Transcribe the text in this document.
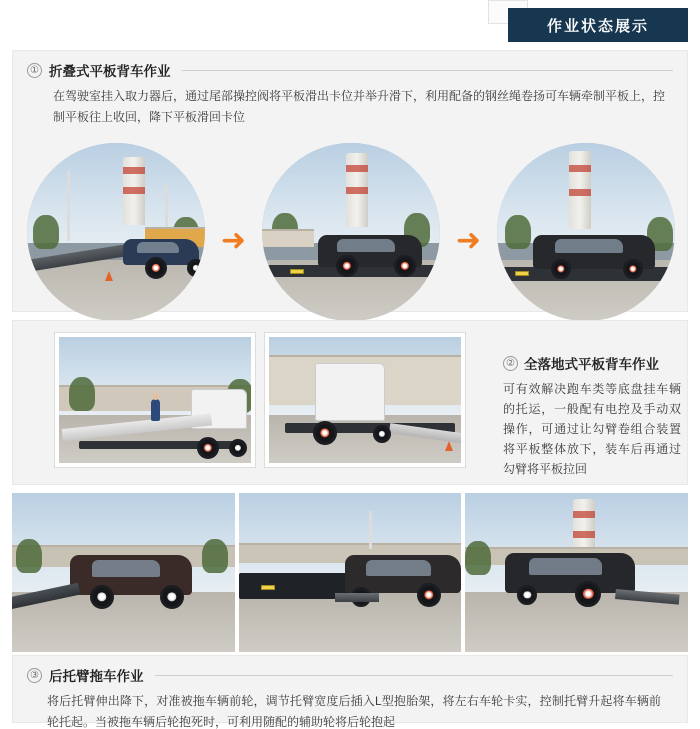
作业状态展示
① 折叠式平板背车作业
在驾驶室挂入取力器后，通过尾部操控阀将平板滑出卡位并举升滑下，利用配备的钢丝绳卷扬可车辆牵制平板上，控制平板往上收回，降下平板滑回卡位
➜	➜
② 全落地式平板背车作业
可有效解决跑车类等底盘挂车辆的托运，一般配有电控及手动双操作，可通过让勾臂卷组合装置将平板整体放下，装车后再通过勾臂将平板拉回
③ 后托臂拖车作业
将后托臂伸出降下，对准被拖车辆前轮，调节托臂宽度后插入L型抱胎架，将左右车轮卡实，控制托臂升起将车辆前轮托起。当被拖车辆后轮抱死时，可利用随配的辅助轮将后轮抱起
